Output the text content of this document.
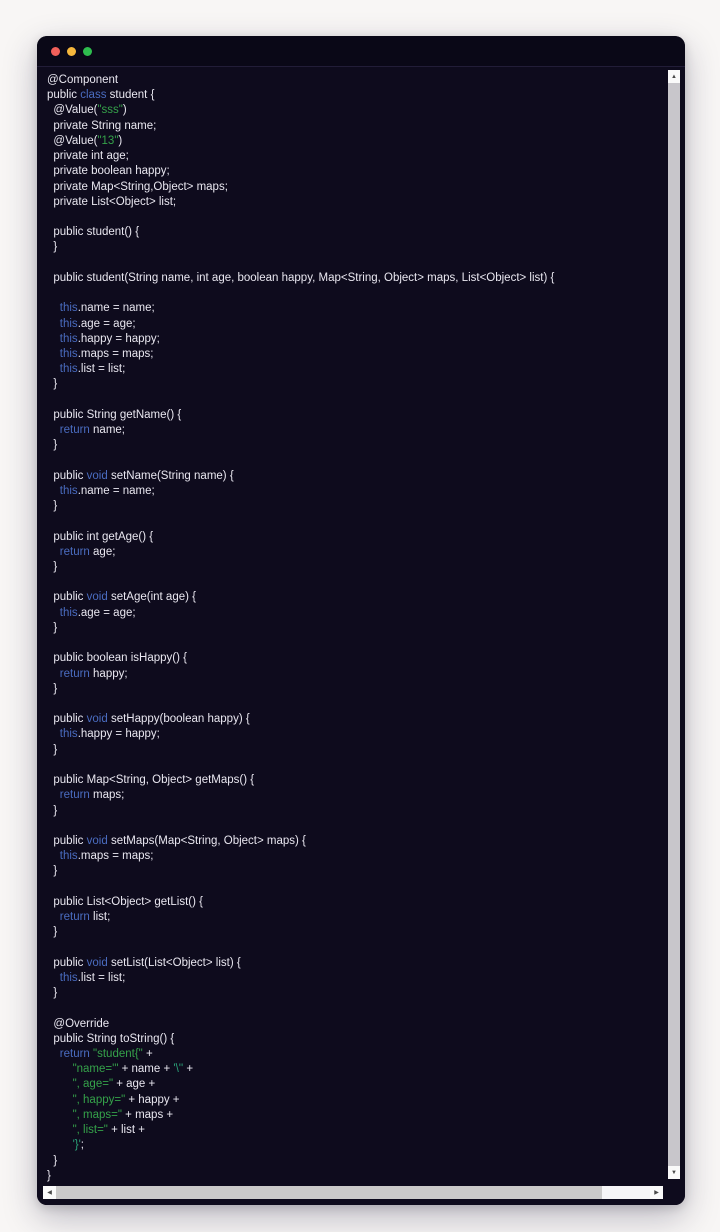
@Component
public class student {
@Value("sss")
private String name;
@Value("13")
private int age;
private boolean happy;
private Map<String,Object> maps;
private List<Object> list;

public student() {
}

public student(String name, int age, boolean happy, Map<String, Object> maps, List<Object> list) {

this.name = name;
this.age = age;
this.happy = happy;
this.maps = maps;
this.list = list;
}

public String getName() {
return name;
}

public void setName(String name) {
this.name = name;
}

public int getAge() {
return age;
}

public void setAge(int age) {
this.age = age;
}

public boolean isHappy() {
return happy;
}

public void setHappy(boolean happy) {
this.happy = happy;
}

public Map<String, Object> getMaps() {
return maps;
}

public void setMaps(Map<String, Object> maps) {
this.maps = maps;
}

public List<Object> getList() {
return list;
}

public void setList(List<Object> list) {
this.list = list;
}

@Override
public String toString() {
return "student{" +
"name='" + name + '\'' +
", age=" + age +
", happy=" + happy +
", maps=" + maps +
", list=" + list +
'}';
}
}
▲
▼
◀	▶
